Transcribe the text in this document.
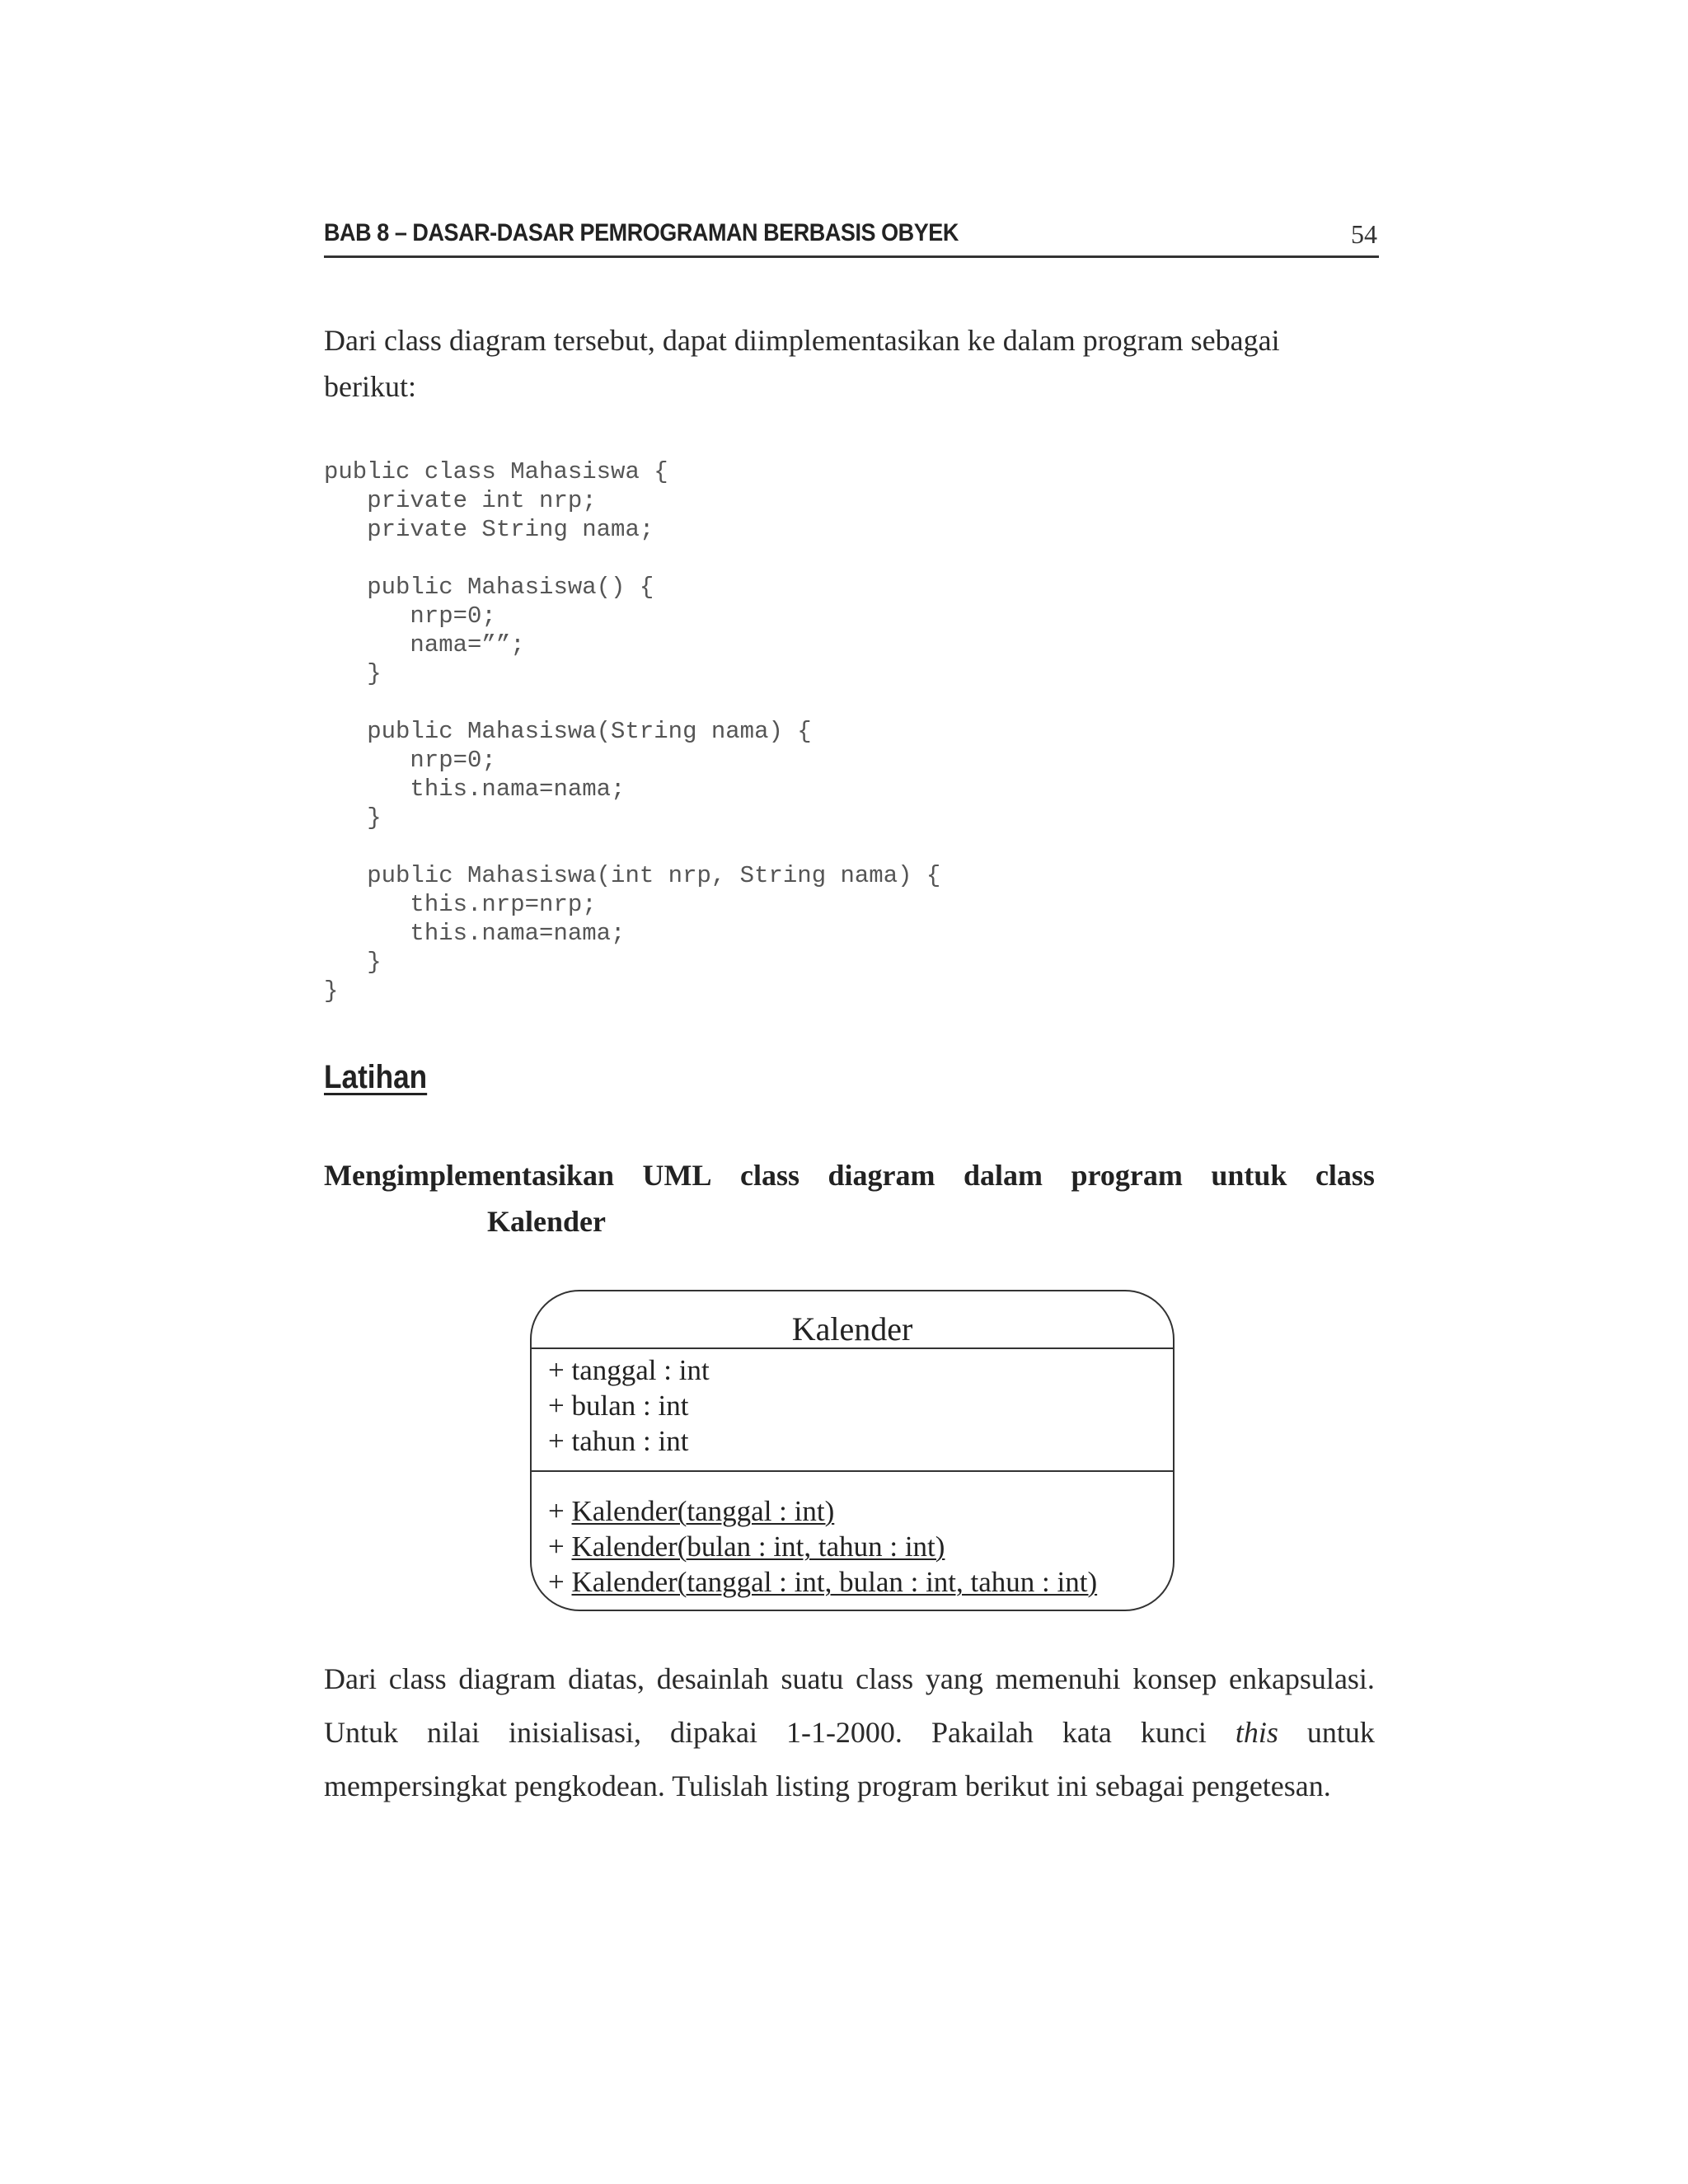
BAB 8 – DASAR-DASAR PEMROGRAMAN BERBASIS OBYEK	54
Dari class diagram tersebut, dapat diimplementasikan ke dalam program sebagai
berikut:
public class Mahasiswa {
private int nrp;
private String nama;
public Mahasiswa() {
nrp=0;
nama=””;
}
public Mahasiswa(String nama) {
nrp=0;
this.nama=nama;
}
public Mahasiswa(int nrp, String nama) {
this.nrp=nrp;
this.nama=nama;
}
}
Latihan
Mengimplementasikan UML class diagram dalam program untuk class
Kalender
Kalender
+ tanggal : int
+ bulan : int
+ tahun : int
+ Kalender(tanggal : int)
+ Kalender(bulan : int, tahun : int)
+ Kalender(tanggal : int, bulan : int, tahun : int)
Dari class diagram diatas, desainlah suatu class yang memenuhi konsep enkapsulasi.
Untuk nilai inisialisasi, dipakai 1-1-2000. Pakailah kata kunci this untuk
mempersingkat pengkodean. Tulislah listing program berikut ini sebagai pengetesan.
